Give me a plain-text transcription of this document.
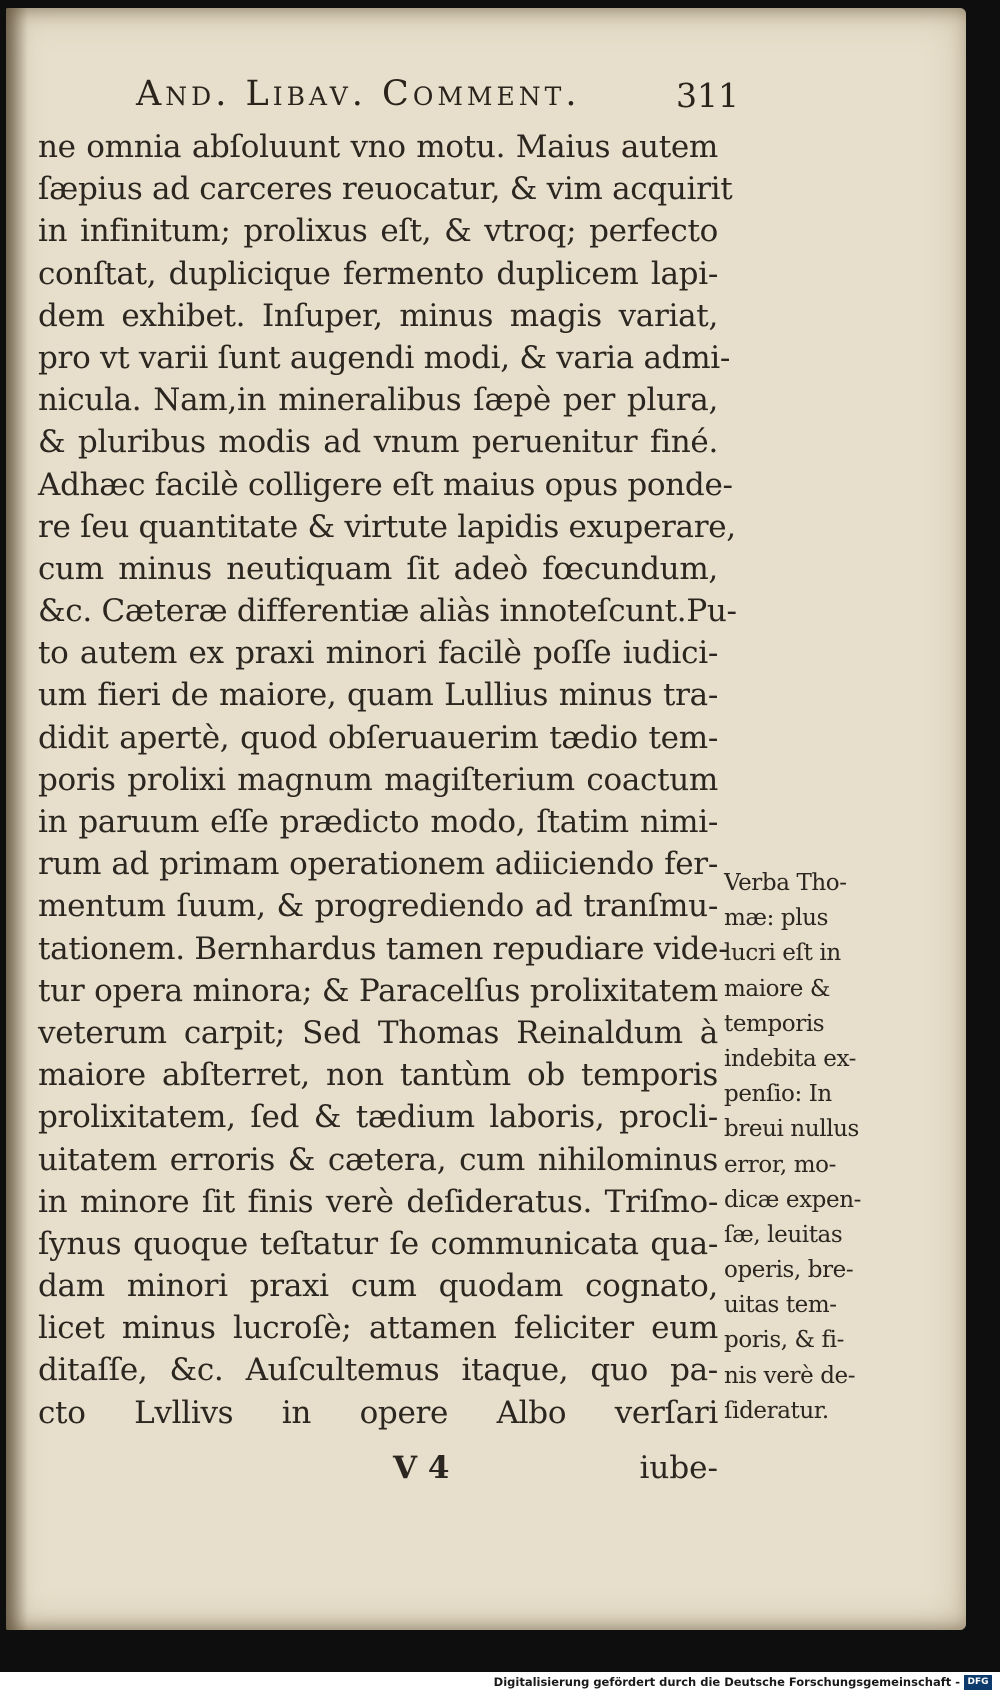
And. Libav. Comment.	311
ne omnia abſoluunt vno motu. Maius autem
ſæpius ad carceres reuocatur, & vim acquirit
in infinitum; prolixus eſt, & vtroq; perfecto
conſtat, duplicique fermento duplicem lapi-
dem exhibet. Inſuper, minus magis variat,
pro vt varii ſunt augendi modi, & varia admi-
nicula. Nam,in mineralibus ſæpè per plura,
& pluribus modis ad vnum peruenitur finé.
Adhæc facilè colligere eſt maius opus ponde-
re ſeu quantitate & virtute lapidis exuperare,
cum minus neutiquam ſit adeò fœcundum,
&c. Cæteræ differentiæ aliàs innoteſcunt.Pu-
to autem ex praxi minori facilè poſſe iudici-
um fieri de maiore, quam Lullius minus tra-
didit apertè, quod obſeruauerim tædio tem-
poris prolixi magnum magiſterium coactum
in paruum eſſe prædicto modo, ſtatim nimi-
rum ad primam operationem adiiciendo fer-
mentum ſuum, & progrediendo ad tranſmu-
tationem. Bernhardus tamen repudiare vide-
tur opera minora; & Paracelſus prolixitatem
veterum carpit; Sed Thomas Reinaldum à
maiore abſterret, non tantùm ob temporis
prolixitatem, ſed & tædium laboris, procli-
uitatem erroris & cætera, cum nihilominus
in minore ſit finis verè deſideratus. Triſmo-
ſynus quoque teſtatur ſe communicata qua-
dam minori praxi cum quodam cognato,
licet minus lucroſè; attamen feliciter eum
ditaſſe, &c. Auſcultemus itaque, quo pa-
cto Lvllivs in opere Albo verſari
Verba Tho-
mæ: plus
lucri eſt in
maiore &
temporis
indebita ex-
penſio: In
breui nullus
error, mo-
dicæ expen-
ſæ, leuitas
operis, bre-
uitas tem-
poris, & fi-
nis verè de-
ſideratur.
V 4	iube-
Digitalisierung gefördert durch die Deutsche Forschungsgemeinschaft - DFG
